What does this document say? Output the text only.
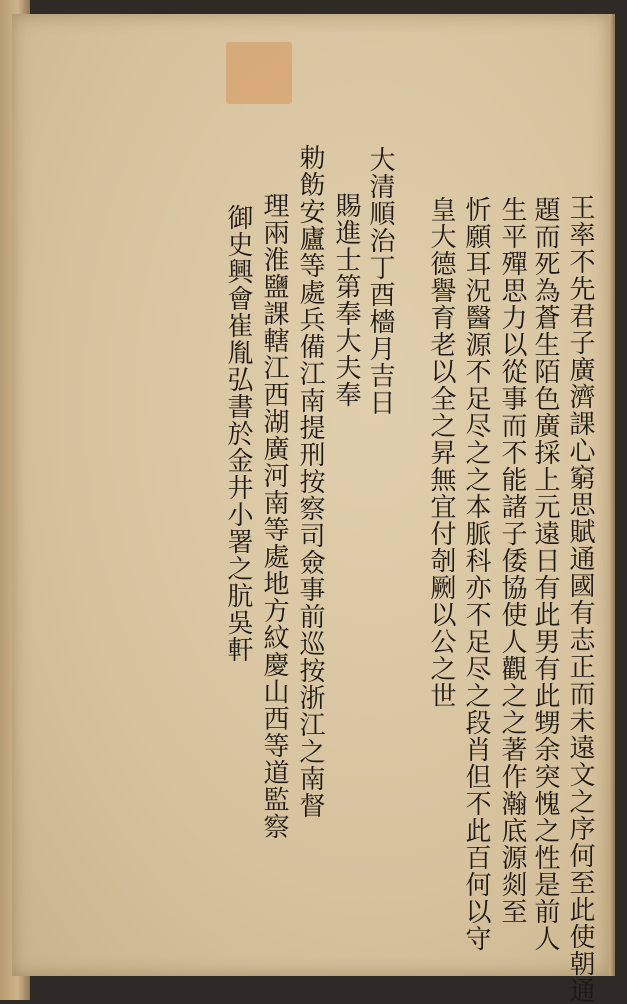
王率不先君子廣濟課心窮思賦通國有志正而未遠文之序何至此使朝通
題而死為蒼生陌色廣採上元遠日有此男有此甥余突愧之性是前人
生平殫思力以從事而不能諸子倭協使人觀之之著作瀚底源剡至
忻願耳況醫源不足尽之之本脈科亦不足尽之段肖但不此百何以守
皇大德譽育老以全之昇無宜付剞劂以公之世
大清順治丁酉檣月吉日
賜進士第奉大夫奉
勅飭安廬等處兵備江南提刑按察司僉事前巡按浙江之南督
理兩淮鹽課轄江西湖廣河南等處地方紋慶山西等道監察
御史興會崔胤弘書於金井小署之肮吳軒
